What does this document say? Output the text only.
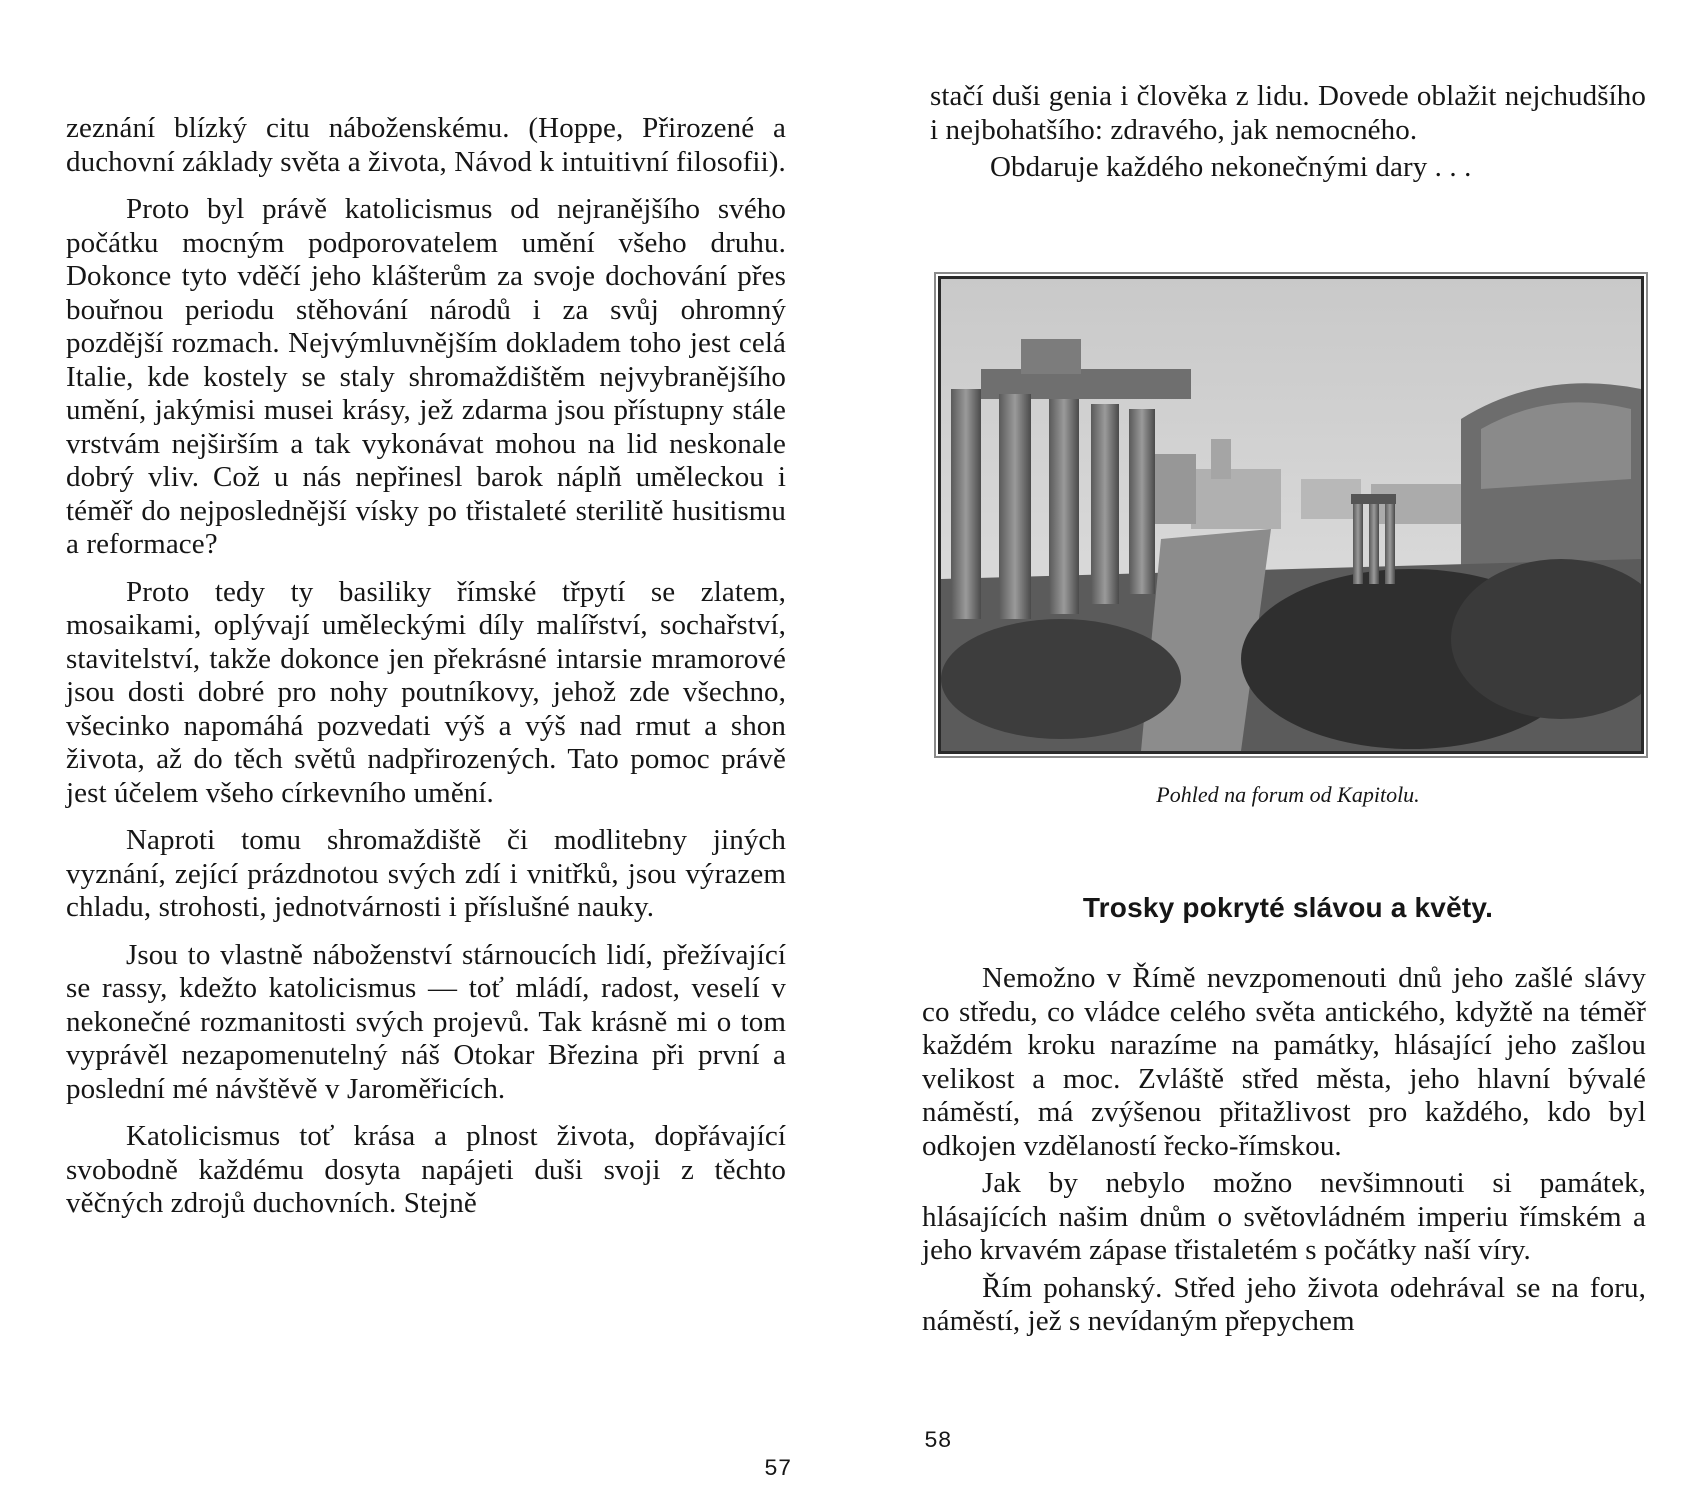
zeznání blízký citu náboženskému. (Hoppe, Přirozené a duchovní základy světa a života, Návod k intuitivní filosofii).

Proto byl právě katolicismus od nejranějšího svého počátku mocným podporovatelem umění všeho druhu. Dokonce tyto vděčí jeho klášterům za svoje dochování přes bouřnou periodu stěhování národů i za svůj ohromný pozdější rozmach. Nejvýmluvnějším dokladem toho jest celá Italie, kde kostely se staly shromaždištěm nejvybranějšího umění, jakýmisi musei krásy, jež zdarma jsou přístupny stále vrstvám nejširším a tak vykonávat mohou na lid neskonale dobrý vliv. Což u nás nepřinesl barok náplň uměleckou i téměř do nejposlednější vísky po třistaleté sterilitě husitismu a reformace?

Proto tedy ty basiliky římské třpytí se zlatem, mosaikami, oplývají uměleckými díly malířství, sochařství, stavitelství, takže dokonce jen překrásné intarsie mramorové jsou dosti dobré pro nohy poutníkovy, jehož zde všechno, všecinko napomáhá pozvedati výš a výš nad rmut a shon života, až do těch světů nadpřirozených. Tato pomoc právě jest účelem všeho církevního umění.

Naproti tomu shromaždiště či modlitebny jiných vyznání, zející prázdnotou svých zdí i vnitřků, jsou výrazem chladu, strohosti, jednotvárnosti i příslušné nauky.

Jsou to vlastně náboženství stárnoucích lidí, přežívající se rassy, kdežto katolicismus — toť mládí, radost, veselí v nekonečné rozmanitosti svých projevů. Tak krásně mi o tom vyprávěl nezapomenutelný náš Otokar Březina při první a poslední mé návštěvě v Jaroměřicích.

Katolicismus toť krása a plnost života, dopřávající svobodně každému dosyta napájeti duši svoji z těchto věčných zdrojů duchovních. Stejně

57

stačí duši genia i člověka z lidu. Dovede oblažit nejchudšího i nejbohatšího: zdravého, jak nemocného.

Obdaruje každého nekonečnými dary . . .

Pohled na forum od Kapitolu.
Trosky pokryté slávou a květy.

Nemožno v Římě nevzpomenouti dnů jeho zašlé slávy co středu, co vládce celého světa antického, kdyžtě na téměř každém kroku narazíme na památky, hlásající jeho zašlou velikost a moc. Zvláště střed města, jeho hlavní bývalé náměstí, má zvýšenou přitažlivost pro každého, kdo byl odkojen vzdělaností řecko-římskou.

Jak by nebylo možno nevšimnouti si památek, hlásajících našim dnům o světovládném imperiu římském a jeho krvavém zápase třistaletém s počátky naší víry.

Řím pohanský. Střed jeho života odehrával se na foru, náměstí, jež s nevídaným přepychem

58
